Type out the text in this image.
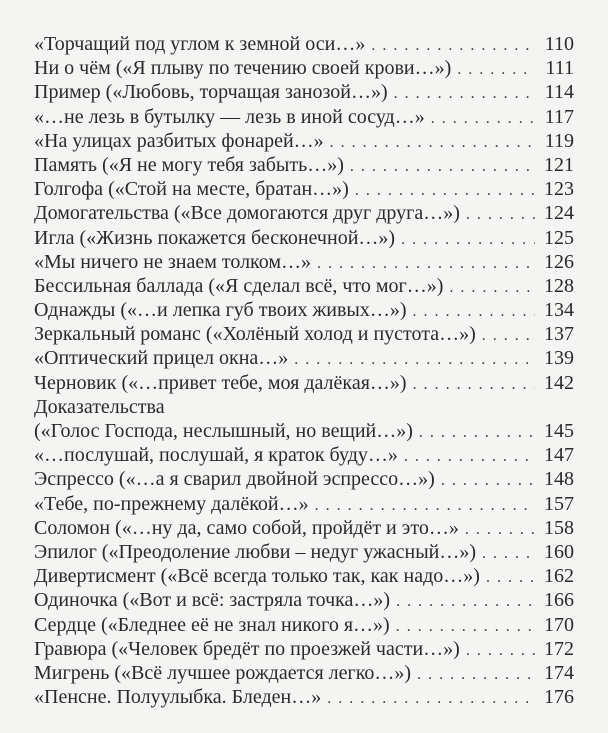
«Торчащий под углом к земной оси…» . . .	110
Ни о чём («Я плыву по течению своей крови…») . . .	111
Пример («Любовь, торчащая занозой…») . . .	114
«…не лезь в бутылку — лезь в иной сосуд…» . . .	117
«На улицах разбитых фонарей…» . . .	119
Память («Я не могу тебя забыть…») . . .	121
Голгофа («Стой на месте, братан…») . . .	123
Домогательства («Все домогаются друг друга…») . . .	124
Игла («Жизнь покажется бесконечной…») . . .	125
«Мы ничего не знаем толком…» . . .	126
Бессильная баллада («Я сделал всё, что мог…») . . .	128
Однажды («…и лепка губ твоих живых…») . . .	134
Зеркальный романс («Холёный холод и пустота…») . . .	137
«Оптический прицел окна…» . . .	139
Черновик («…привет тебе, моя далёкая…») . . .	142
Доказательства
(«Голос Господа, неслышный, но вещий…») . . .	145
«…послушай, послушай, я краток буду…» . . .	147
Эспрессо («…а я сварил двойной эспрессо…») . . .	148
«Тебе, по-прежнему далёкой…» . . .	157
Соломон («…ну да, само собой, пройдёт и это…» . . .	158
Эпилог («Преодоление любви – недуг ужасный…») . . .	160
Дивертисмент («Всё всегда только так, как надо…») . . .	162
Одиночка («Вот и всё: застряла точка…») . . .	166
Сердце («Бледнее её не знал никого я…») . . .	170
Гравюра («Человек бредёт по проезжей части…») . . .	172
Мигрень («Всё лучшее рождается легко…») . . .	174
«Пенсне. Полуулыбка. Бледен…» . . .	176
